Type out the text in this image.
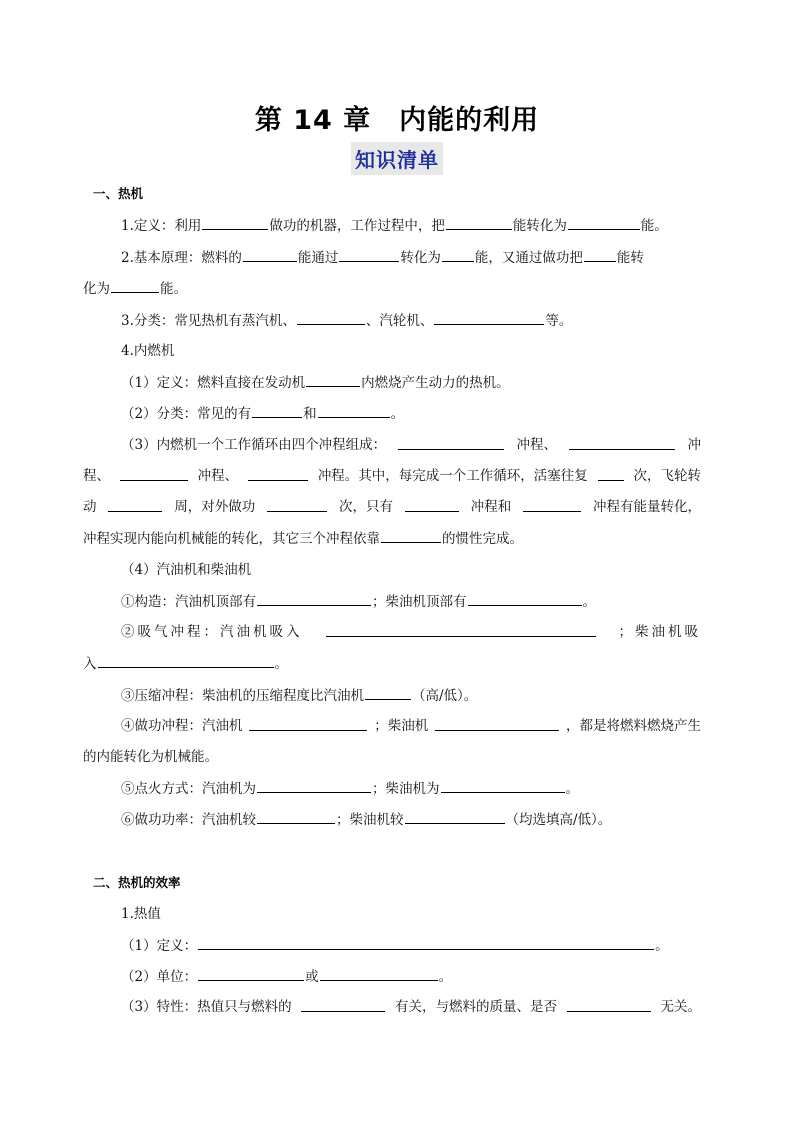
第 14 章　内能的利用
知识清单
一、热机
1.定义：利用	做功的机器，工作过程中，把	能转化为	能。
2.基本原理：燃料的	能通过	转化为	能，又通过做功把	能转
化为	能。
3.分类：常见热机有蒸汽机、	、汽轮机、	等。
4.内燃机
（1）定义：燃料直接在发动机	内燃烧产生动力的热机。
（2）分类：常见的有	和	。
（3）内燃机一个工作循环由四个冲程组成：	冲程、	冲
程、	冲程、	冲程。其中，每完成一个工作循环，活塞往复	次，飞轮转
动	周，对外做功	次，只有	冲程和	冲程有能量转化，
冲程实现内能向机械能的转化，其它三个冲程依靠	的惯性完成。
（4）汽油机和柴油机
①构造：汽油机顶部有	；柴油机顶部有	。
②吸气冲程：汽油机吸入	；柴油机吸
入	。
③压缩冲程：柴油机的压缩程度比汽油机	（高/低）。
④做功冲程：汽油机	；柴油机	，都是将燃料燃烧产生
的内能转化为机械能。
⑤点火方式：汽油机为	；柴油机为	。
⑥做功功率：汽油机较	；柴油机较	（均选填高/低）。
二、热机的效率
1.热值
（1）定义：	。
（2）单位：	或	。
（3）特性：热值只与燃料的	有关，与燃料的质量、是否	无关。
